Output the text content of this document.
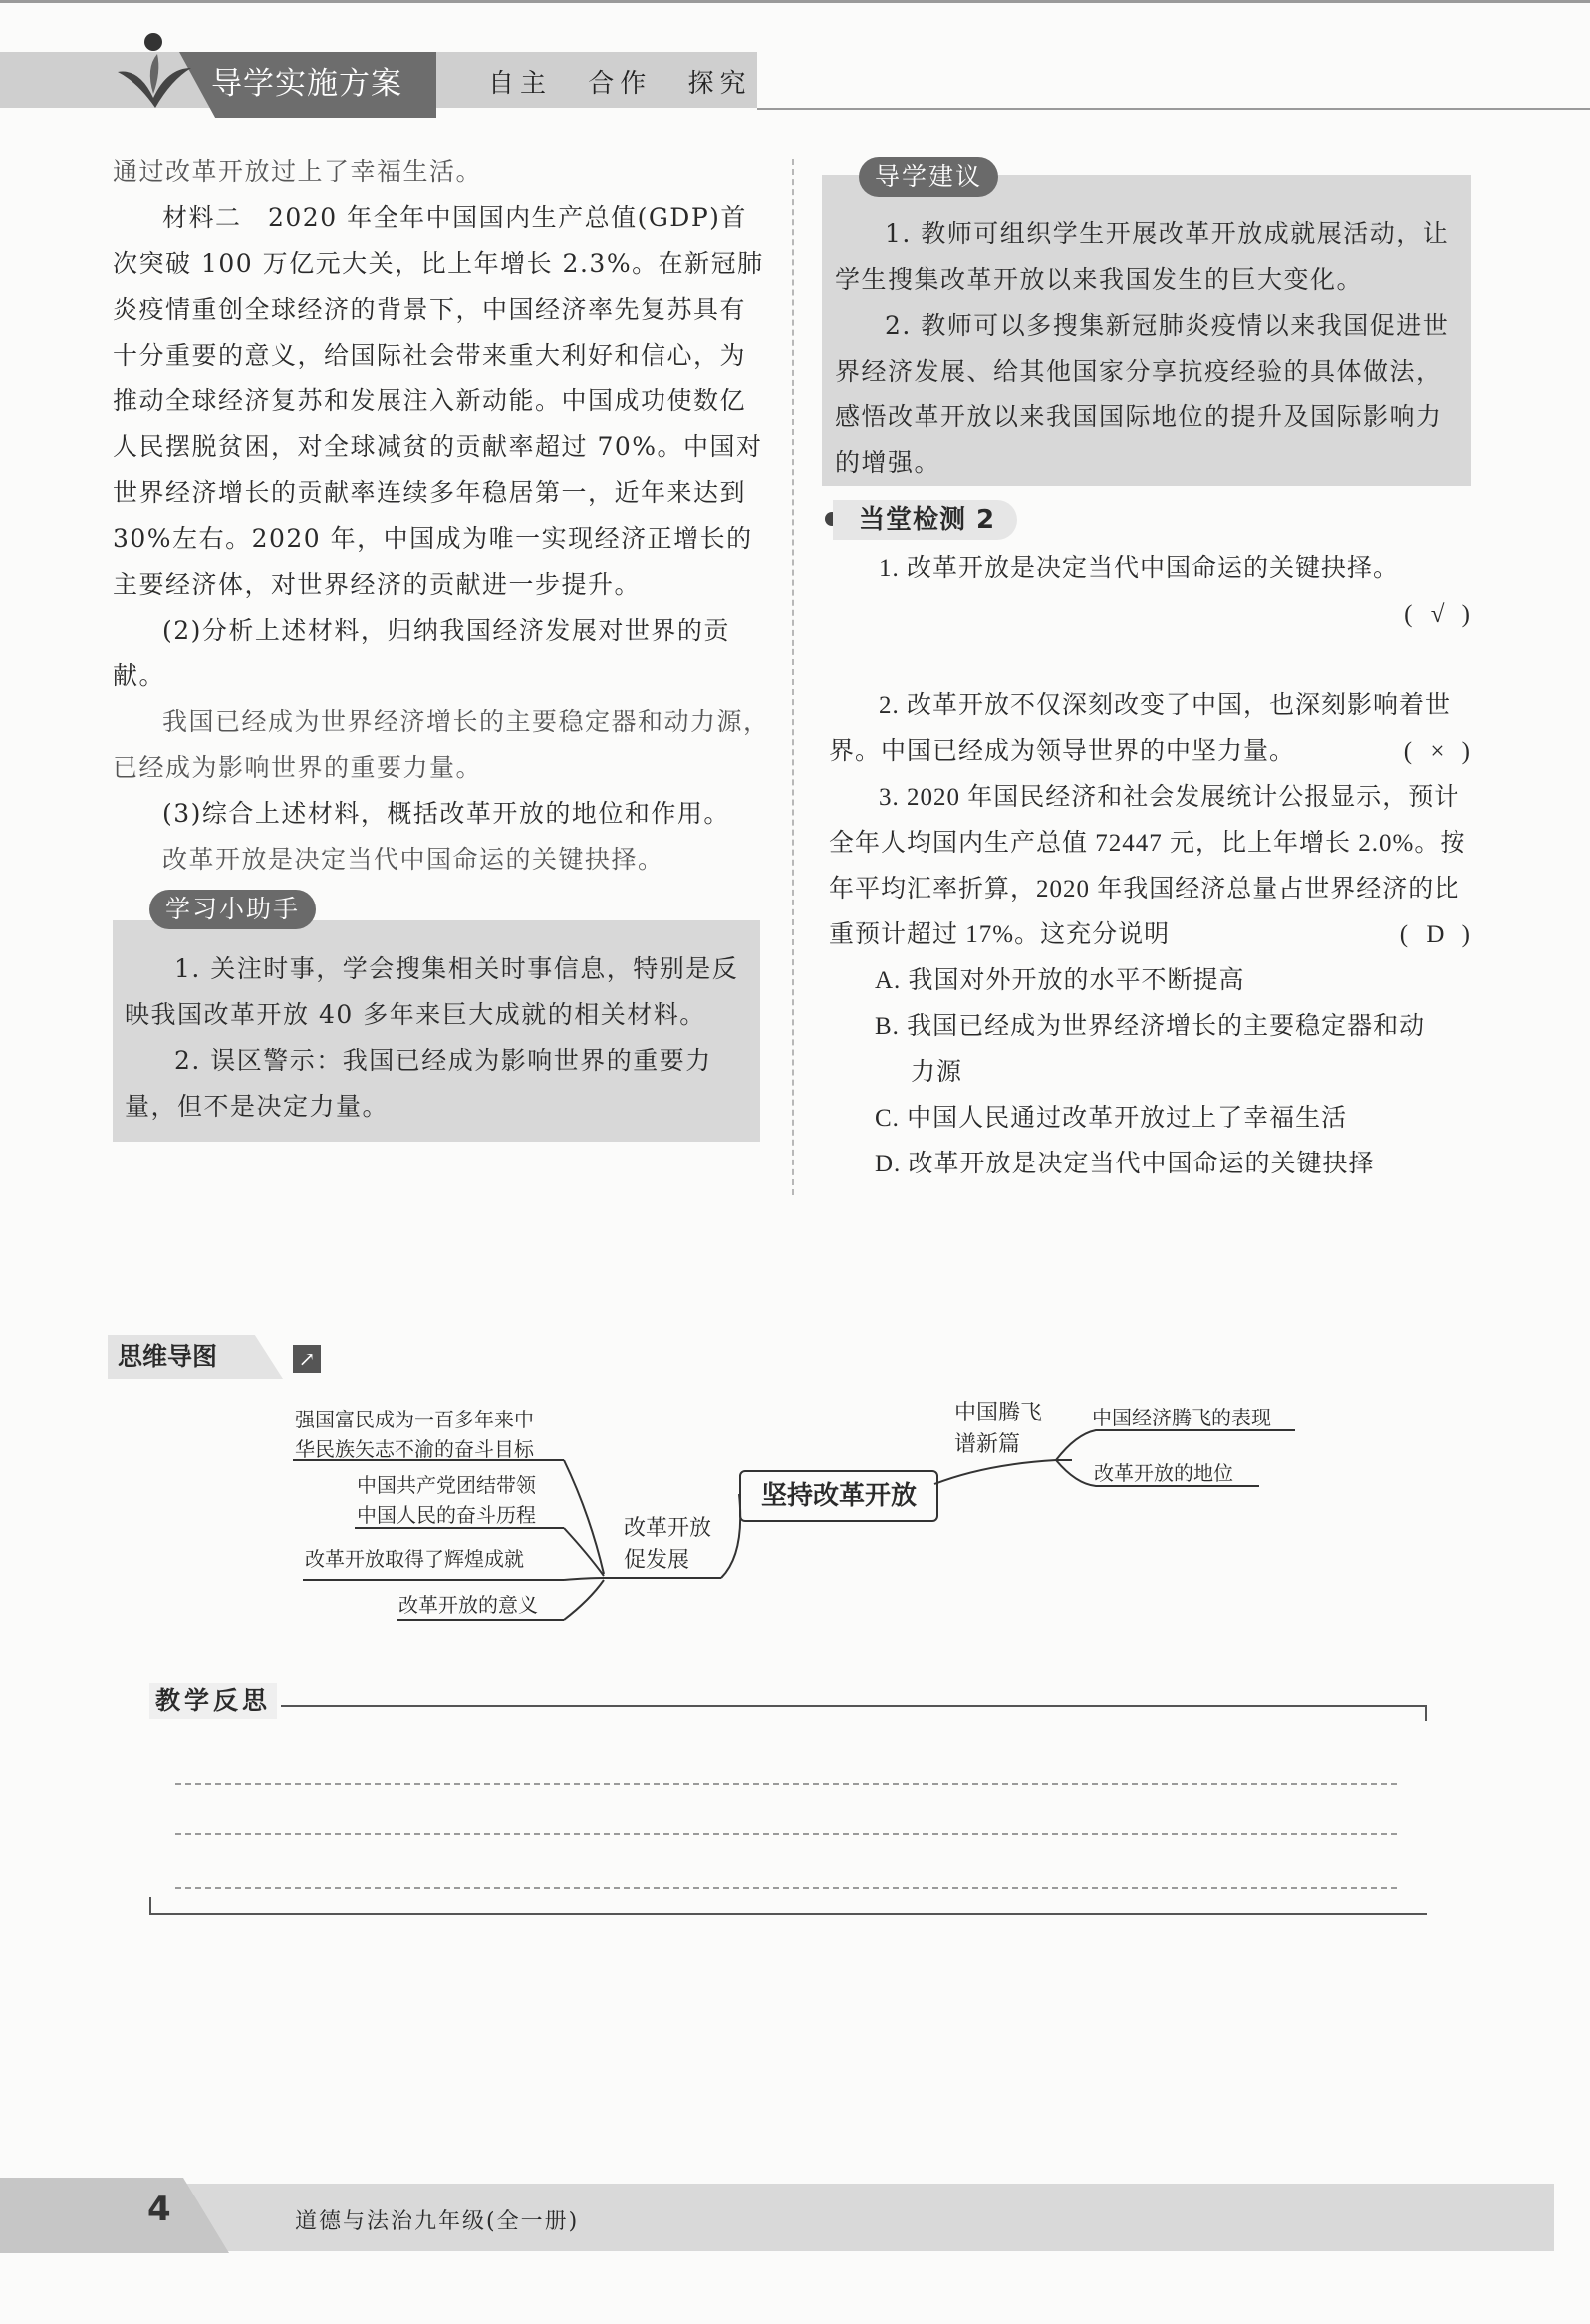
导学实施方案	自主 合作 探究

通过改革开放过上了幸福生活。

材料二　2020 年全年中国国内生产总值(GDP)首次突破 100 万亿元大关，比上年增长 2.3%。在新冠肺炎疫情重创全球经济的背景下，中国经济率先复苏具有十分重要的意义，给国际社会带来重大利好和信心，为推动全球经济复苏和发展注入新动能。中国成功使数亿人民摆脱贫困，对全球减贫的贡献率超过 70%。中国对世界经济增长的贡献率连续多年稳居第一，近年来达到 30%左右。2020 年，中国成为唯一实现经济正增长的主要经济体，对世界经济的贡献进一步提升。

(2)分析上述材料，归纳我国经济发展对世界的贡献。

我国已经成为世界经济增长的主要稳定器和动力源，已经成为影响世界的重要力量。

(3)综合上述材料，概括改革开放的地位和作用。

改革开放是决定当代中国命运的关键抉择。

学习小助手

1. 关注时事，学会搜集相关时事信息，特别是反映我国改革开放 40 多年来巨大成就的相关材料。

2. 误区警示：我国已经成为影响世界的重要力量，但不是决定力量。

导学建议

1. 教师可组织学生开展改革开放成就展活动，让学生搜集改革开放以来我国发生的巨大变化。

2. 教师可以多搜集新冠肺炎疫情以来我国促进世界经济发展、给其他国家分享抗疫经验的具体做法，感悟改革开放以来我国国际地位的提升及国际影响力的增强。

当堂检测 2

1. 改革开放是决定当代中国命运的关键抉择。

( √ )

2. 改革开放不仅深刻改变了中国，也深刻影响着世界。中国已经成为领导世界的中坚力量。	( × )

3. 2020 年国民经济和社会发展统计公报显示，预计全年人均国内生产总值 72447 元，比上年增长 2.0%。按年平均汇率折算，2020 年我国经济总量占世界经济的比重预计超过 17%。这充分说明	( D )

A. 我国对外开放的水平不断提高

B. 我国已经成为世界经济增长的主要稳定器和动

力源

C. 中国人民通过改革开放过上了幸福生活

D. 改革开放是决定当代中国命运的关键抉择

思维导图	↗
强国富民成为一百多年来中
华民族矢志不渝的奋斗目标
中国共产党团结带领
中国人民的奋斗历程
改革开放取得了辉煌成就
改革开放的意义
改革开放
促发展
坚持改革开放
中国腾飞
谱新篇
中国经济腾飞的表现
改革开放的地位
教学反思
4	道德与法治九年级(全一册)
